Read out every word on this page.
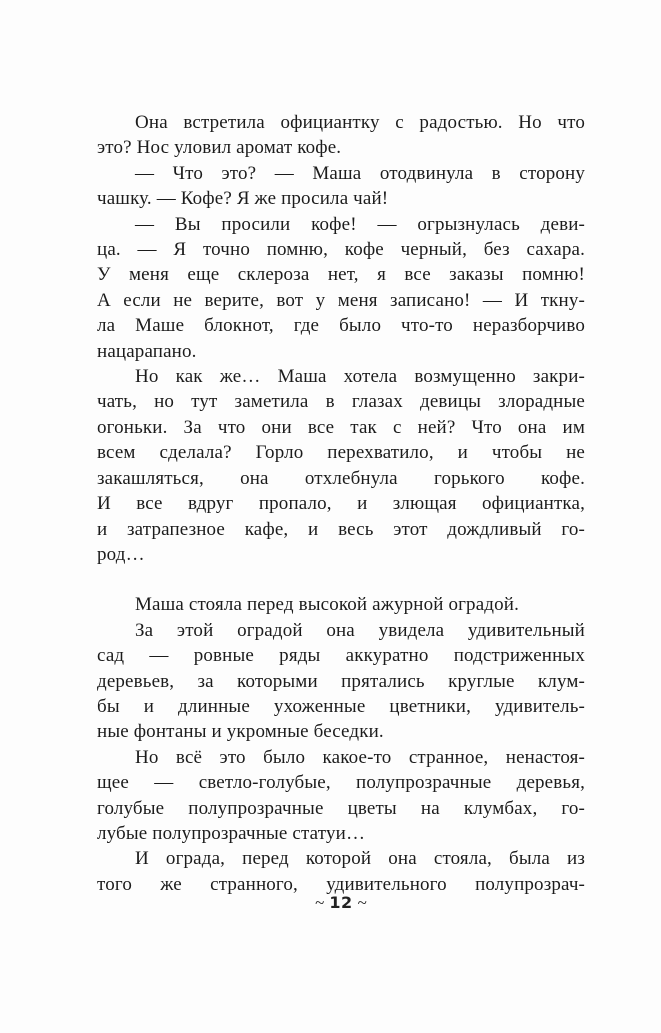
Она встретила официантку с радостью. Но что
это? Нос уловил аромат кофе.
— Что это? — Маша отодвинула в сторону
чашку. — Кофе? Я же просила чай!
— Вы просили кофе! — огрызнулась деви-
ца. — Я точно помню, кофе черный, без сахара.
У меня еще склероза нет, я все заказы помню!
А если не верите, вот у меня записано! — И ткну-
ла Маше блокнот, где было что-то неразборчиво
нацарапано.
Но как же… Маша хотела возмущенно закри-
чать, но тут заметила в глазах девицы злорадные
огоньки. За что они все так с ней? Что она им
всем сделала? Горло перехватило, и чтобы не
закашляться, она отхлебнула горького кофе.
И все вдруг пропало, и злющая официантка,
и затрапезное кафе, и весь этот дождливый го-
род…
Маша стояла перед высокой ажурной оградой.
За этой оградой она увидела удивительный
сад — ровные ряды аккуратно подстриженных
деревьев, за которыми прятались круглые клум-
бы и длинные ухоженные цветники, удивитель-
ные фонтаны и укромные беседки.
Но всё это было какое-то странное, ненастоя-
щее — светло-голубые, полупрозрачные деревья,
голубые полупрозрачные цветы на клумбах, го-
лубые полупрозрачные статуи…
И ограда, перед которой она стояла, была из
того же странного, удивительного полупрозрач-
~ 12 ~
